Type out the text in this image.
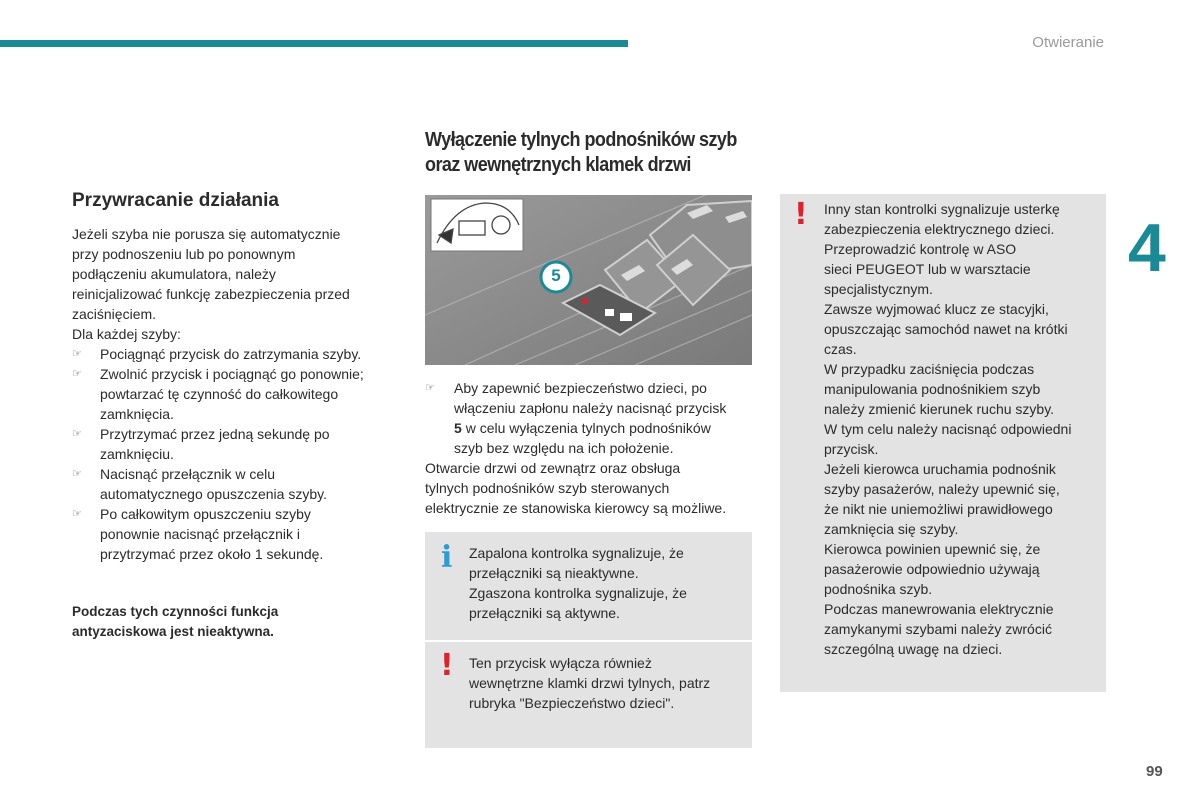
Otwieranie
4
Przywracanie działania

Jeżeli szyba nie porusza się automatycznie

przy podnoszeniu lub po ponownym

podłączeniu akumulatora, należy

reinicjalizować funkcję zabezpieczenia przed

zaciśnięciem.

Dla każdej szyby:

☞ Pociągnąć przycisk do zatrzymania szyby.
☞ Zwolnić przycisk i pociągnąć go ponownie;
powtarzać tę czynność do całkowitego
zamknięcia.
☞ Przytrzymać przez jedną sekundę po
zamknięciu.
☞ Nacisnąć przełącznik w celu
automatycznego opuszczenia szyby.
☞ Po całkowitym opuszczeniu szyby
ponownie nacisnąć przełącznik i
przytrzymać przez około 1 sekundę.
Podczas tych czynności funkcja
antyzaciskowa jest nieaktywna.
Wyłączenie tylnych podnośników szyb
oraz wewnętrznych klamek drzwi
5
☞ Aby zapewnić bezpieczeństwo dzieci, po
włączeniu zapłonu należy nacisnąć przycisk
5 w celu wyłączenia tylnych podnośników
szyb bez względu na ich położenie.

Otwarcie drzwi od zewnątrz oraz obsługa

tylnych podnośników szyb sterowanych

elektrycznie ze stanowiska kierowcy są możliwe.

i Zapalona kontrolka sygnalizuje, że
przełączniki są nieaktywne.
Zgaszona kontrolka sygnalizuje, że
przełączniki są aktywne.
! Ten przycisk wyłącza również
wewnętrzne klamki drzwi tylnych, patrz
rubryka "Bezpieczeństwo dzieci".
! Inny stan kontrolki sygnalizuje usterkę
zabezpieczenia elektrycznego dzieci.
Przeprowadzić kontrolę w ASO
sieci PEUGEOT lub w warsztacie
specjalistycznym.
Zawsze wyjmować klucz ze stacyjki,
opuszczając samochód nawet na krótki
czas.
W przypadku zaciśnięcia podczas
manipulowania podnośnikiem szyb
należy zmienić kierunek ruchu szyby.
W tym celu należy nacisnąć odpowiedni
przycisk.
Jeżeli kierowca uruchamia podnośnik
szyby pasażerów, należy upewnić się,
że nikt nie uniemożliwi prawidłowego
zamknięcia się szyby.
Kierowca powinien upewnić się, że
pasażerowie odpowiednio używają
podnośnika szyb.
Podczas manewrowania elektrycznie
zamykanymi szybami należy zwrócić
szczególną uwagę na dzieci.
99
